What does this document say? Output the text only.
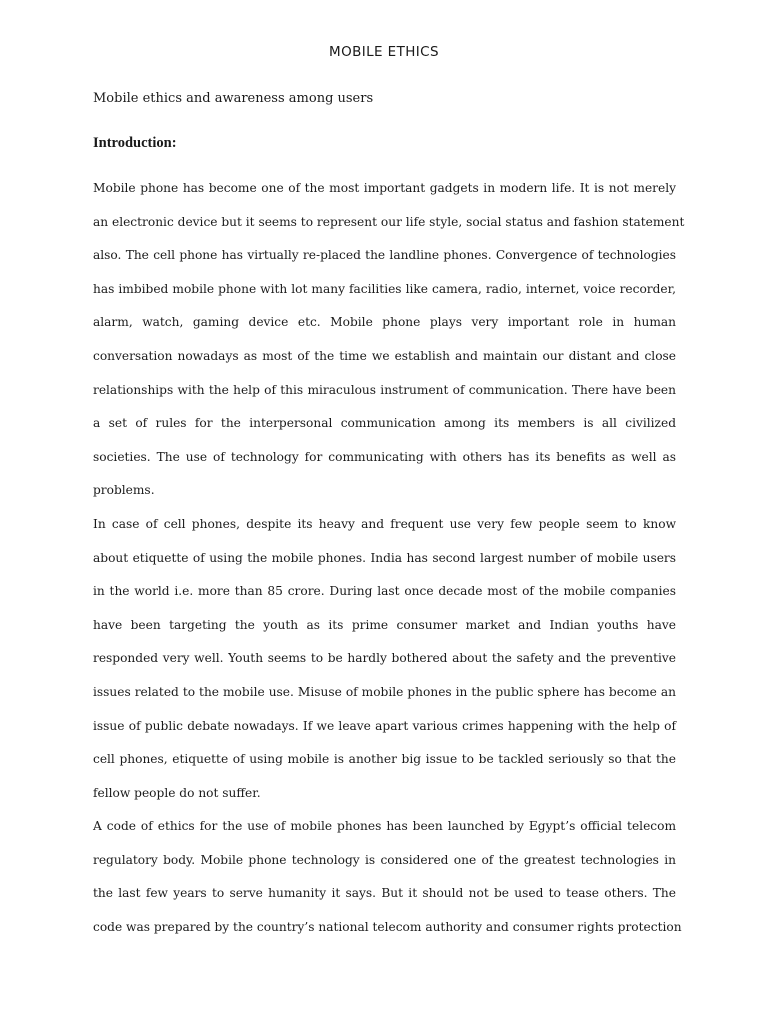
MOBILE ETHICS
Mobile ethics and awareness among users
Introduction:
Mobile phone has become one of the most important gadgets in modern life. It is not merely
an electronic device but it seems to represent our life style, social status and fashion statement
also. The cell phone has virtually re-placed the landline phones. Convergence of technologies
has imbibed mobile phone with lot many facilities like camera, radio, internet, voice recorder,
alarm, watch, gaming device etc. Mobile phone plays very important role in human
conversation nowadays as most of the time we establish and maintain our distant and close
relationships with the help of this miraculous instrument of communication. There have been
a set of rules for the interpersonal communication among its members is all civilized
societies. The use of technology for communicating with others has its benefits as well as
problems.
In case of cell phones, despite its heavy and frequent use very few people seem to know
about etiquette of using the mobile phones. India has second largest number of mobile users
in the world i.e. more than 85 crore. During last once decade most of the mobile companies
have been targeting the youth as its prime consumer market and Indian youths have
responded very well. Youth seems to be hardly bothered about the safety and the preventive
issues related to the mobile use. Misuse of mobile phones in the public sphere has become an
issue of public debate nowadays. If we leave apart various crimes happening with the help of
cell phones, etiquette of using mobile is another big issue to be tackled seriously so that the
fellow people do not suffer.
A code of ethics for the use of mobile phones has been launched by Egypt’s official telecom
regulatory body. Mobile phone technology is considered one of the greatest technologies in
the last few years to serve humanity it says. But it should not be used to tease others. The
code was prepared by the country’s national telecom authority and consumer rights protection
